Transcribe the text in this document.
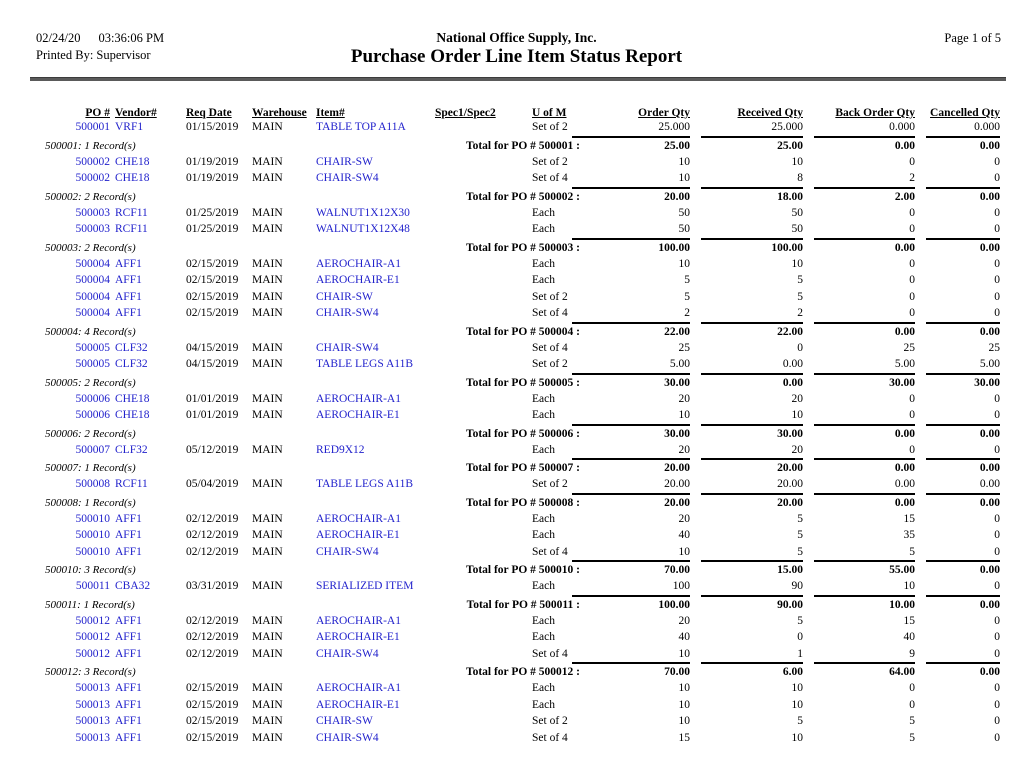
02/24/20 03:36:06 PM
Printed By: Supervisor
National Office Supply, Inc.
Purchase Order Line Item Status Report
Page 1 of 5
PO #	Vendor#	Req Date	Warehouse	Item#	Spec1/Spec2	U of M	Order Qty	Received Qty	Back Order Qty	Cancelled Qty
500001	VRF1	01/15/2019	MAIN	TABLE TOP A11A		Set of 2	25.000	25.000	0.000	0.000
500001: 1 Record(s)					Total for PO # 500001 :		25.00	25.00	0.00	0.00

500002	CHE18	01/19/2019	MAIN	CHAIR-SW		Set of 2	10	10	0	0
500002	CHE18	01/19/2019	MAIN	CHAIR-SW4		Set of 4	10	8	2	0
500002: 2 Record(s)					Total for PO # 500002 :		20.00	18.00	2.00	0.00

500003	RCF11	01/25/2019	MAIN	WALNUT1X12X30		Each	50	50	0	0
500003	RCF11	01/25/2019	MAIN	WALNUT1X12X48		Each	50	50	0	0
500003: 2 Record(s)					Total for PO # 500003 :		100.00	100.00	0.00	0.00

500004	AFF1	02/15/2019	MAIN	AEROCHAIR-A1		Each	10	10	0	0
500004	AFF1	02/15/2019	MAIN	AEROCHAIR-E1		Each	5	5	0	0
500004	AFF1	02/15/2019	MAIN	CHAIR-SW		Set of 2	5	5	0	0
500004	AFF1	02/15/2019	MAIN	CHAIR-SW4		Set of 4	2	2	0	0
500004: 4 Record(s)					Total for PO # 500004 :		22.00	22.00	0.00	0.00

500005	CLF32	04/15/2019	MAIN	CHAIR-SW4		Set of 4	25	0	25	25
500005	CLF32	04/15/2019	MAIN	TABLE LEGS A11B		Set of 2	5.00	0.00	5.00	5.00
500005: 2 Record(s)					Total for PO # 500005 :		30.00	0.00	30.00	30.00

500006	CHE18	01/01/2019	MAIN	AEROCHAIR-A1		Each	20	20	0	0
500006	CHE18	01/01/2019	MAIN	AEROCHAIR-E1		Each	10	10	0	0
500006: 2 Record(s)					Total for PO # 500006 :		30.00	30.00	0.00	0.00

500007	CLF32	05/12/2019	MAIN	RED9X12		Each	20	20	0	0
500007: 1 Record(s)					Total for PO # 500007 :		20.00	20.00	0.00	0.00

500008	RCF11	05/04/2019	MAIN	TABLE LEGS A11B		Set of 2	20.00	20.00	0.00	0.00
500008: 1 Record(s)					Total for PO # 500008 :		20.00	20.00	0.00	0.00

500010	AFF1	02/12/2019	MAIN	AEROCHAIR-A1		Each	20	5	15	0
500010	AFF1	02/12/2019	MAIN	AEROCHAIR-E1		Each	40	5	35	0
500010	AFF1	02/12/2019	MAIN	CHAIR-SW4		Set of 4	10	5	5	0
500010: 3 Record(s)					Total for PO # 500010 :		70.00	15.00	55.00	0.00

500011	CBA32	03/31/2019	MAIN	SERIALIZED ITEM		Each	100	90	10	0
500011: 1 Record(s)					Total for PO # 500011 :		100.00	90.00	10.00	0.00

500012	AFF1	02/12/2019	MAIN	AEROCHAIR-A1		Each	20	5	15	0
500012	AFF1	02/12/2019	MAIN	AEROCHAIR-E1		Each	40	0	40	0
500012	AFF1	02/12/2019	MAIN	CHAIR-SW4		Set of 4	10	1	9	0
500012: 3 Record(s)					Total for PO # 500012 :		70.00	6.00	64.00	0.00

500013	AFF1	02/15/2019	MAIN	AEROCHAIR-A1		Each	10	10	0	0
500013	AFF1	02/15/2019	MAIN	AEROCHAIR-E1		Each	10	10	0	0
500013	AFF1	02/15/2019	MAIN	CHAIR-SW		Set of 2	10	5	5	0
500013	AFF1	02/15/2019	MAIN	CHAIR-SW4		Set of 4	15	10	5	0
